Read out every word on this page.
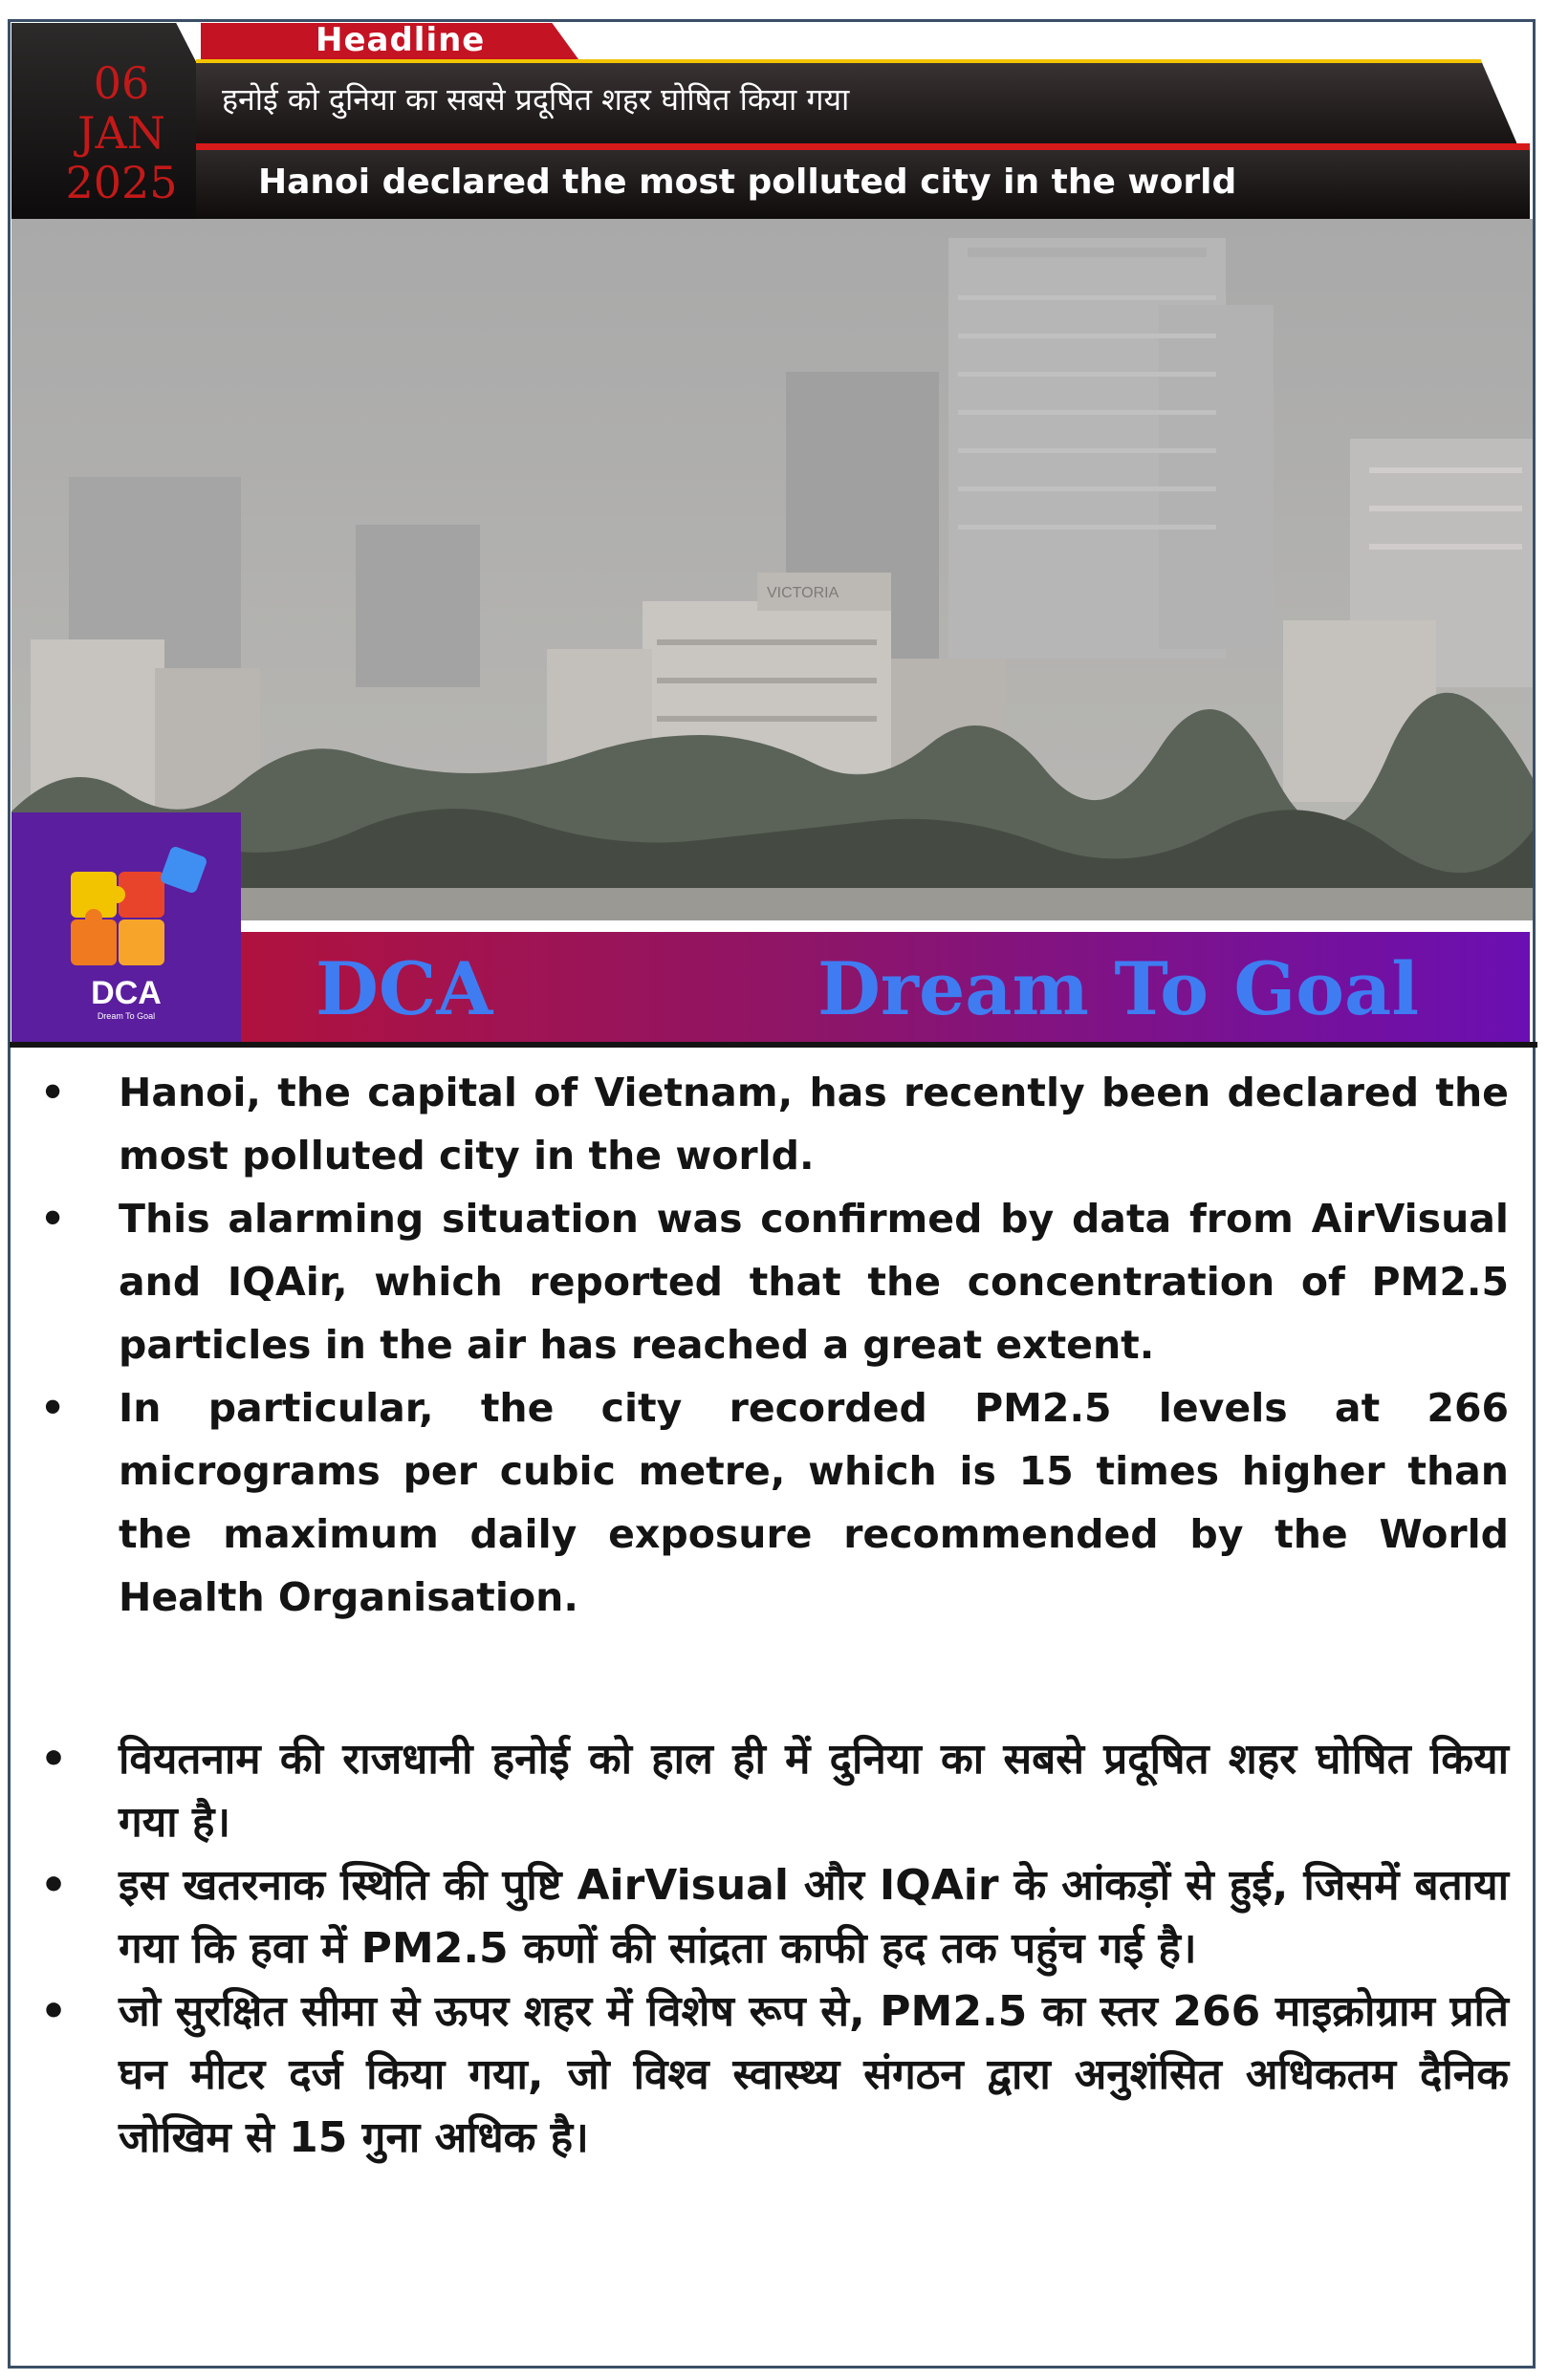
06
JAN
2025
Headline
हनोई को दुनिया का सबसे प्रदूषित शहर घोषित किया गया
Hanoi declared the most polluted city in the world
VICTORIA
DCA
Dream To Goal	DCA	Dream To Goal
• Hanoi, the capital of Vietnam, has recently been declared the most polluted city in the world.
• This alarming situation was confirmed by data from AirVisual and IQAir, which reported that the concentration of PM2.5 particles in the air has reached a great extent.
• In particular, the city recorded PM2.5 levels at 266 micrograms per cubic metre, which is 15 times higher than the maximum daily exposure recommended by the World Health Organisation.
• वियतनाम की राजधानी हनोई को हाल ही में दुनिया का सबसे प्रदूषित शहर घोषित किया गया है।
• इस खतरनाक स्थिति की पुष्टि AirVisual और IQAir के आंकड़ों से हुई, जिसमें बताया गया कि हवा में PM2.5 कणों की सांद्रता काफी हद तक पहुंच गई है।
• जो सुरक्षित सीमा से ऊपर शहर में विशेष रूप से, PM2.5 का स्तर 266 माइक्रोग्राम प्रति घन मीटर दर्ज किया गया, जो विश्व स्वास्थ्य संगठन द्वारा अनुशंसित अधिकतम दैनिक जोखिम से 15 गुना अधिक है।
